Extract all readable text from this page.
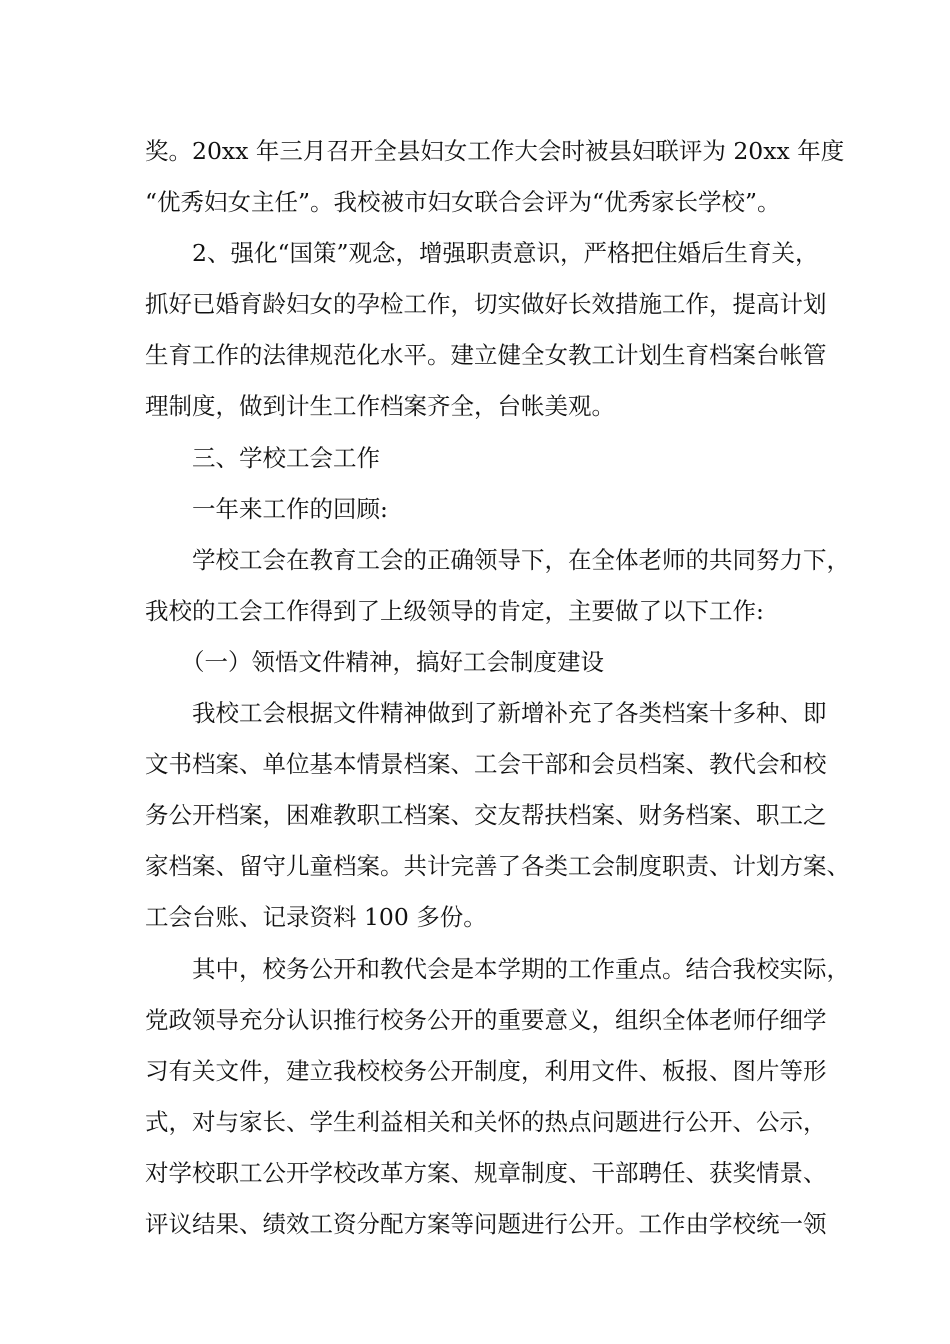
奖。20xx 年三月召开全县妇女工作大会时被县妇联评为 20xx 年度
“优秀妇女主任”。我校被市妇女联合会评为“优秀家长学校”。
2、强化“国策”观念，增强职责意识，严格把住婚后生育关，
抓好已婚育龄妇女的孕检工作，切实做好长效措施工作，提高计划
生育工作的法律规范化水平。建立健全女教工计划生育档案台帐管
理制度，做到计生工作档案齐全，台帐美观。
三、学校工会工作
一年来工作的回顾:
学校工会在教育工会的正确领导下，在全体老师的共同努力下，
我校的工会工作得到了上级领导的肯定，主要做了以下工作:
（一）领悟文件精神，搞好工会制度建设
我校工会根据文件精神做到了新增补充了各类档案十多种、即
文书档案、单位基本情景档案、工会干部和会员档案、教代会和校
务公开档案，困难教职工档案、交友帮扶档案、财务档案、职工之
家档案、留守儿童档案。共计完善了各类工会制度职责、计划方案、
工会台账、记录资料 100 多份。
其中，校务公开和教代会是本学期的工作重点。结合我校实际，
党政领导充分认识推行校务公开的重要意义，组织全体老师仔细学
习有关文件，建立我校校务公开制度，利用文件、板报、图片等形
式，对与家长、学生利益相关和关怀的热点问题进行公开、公示，
对学校职工公开学校改革方案、规章制度、干部聘任、获奖情景、
评议结果、绩效工资分配方案等问题进行公开。工作由学校统一领
